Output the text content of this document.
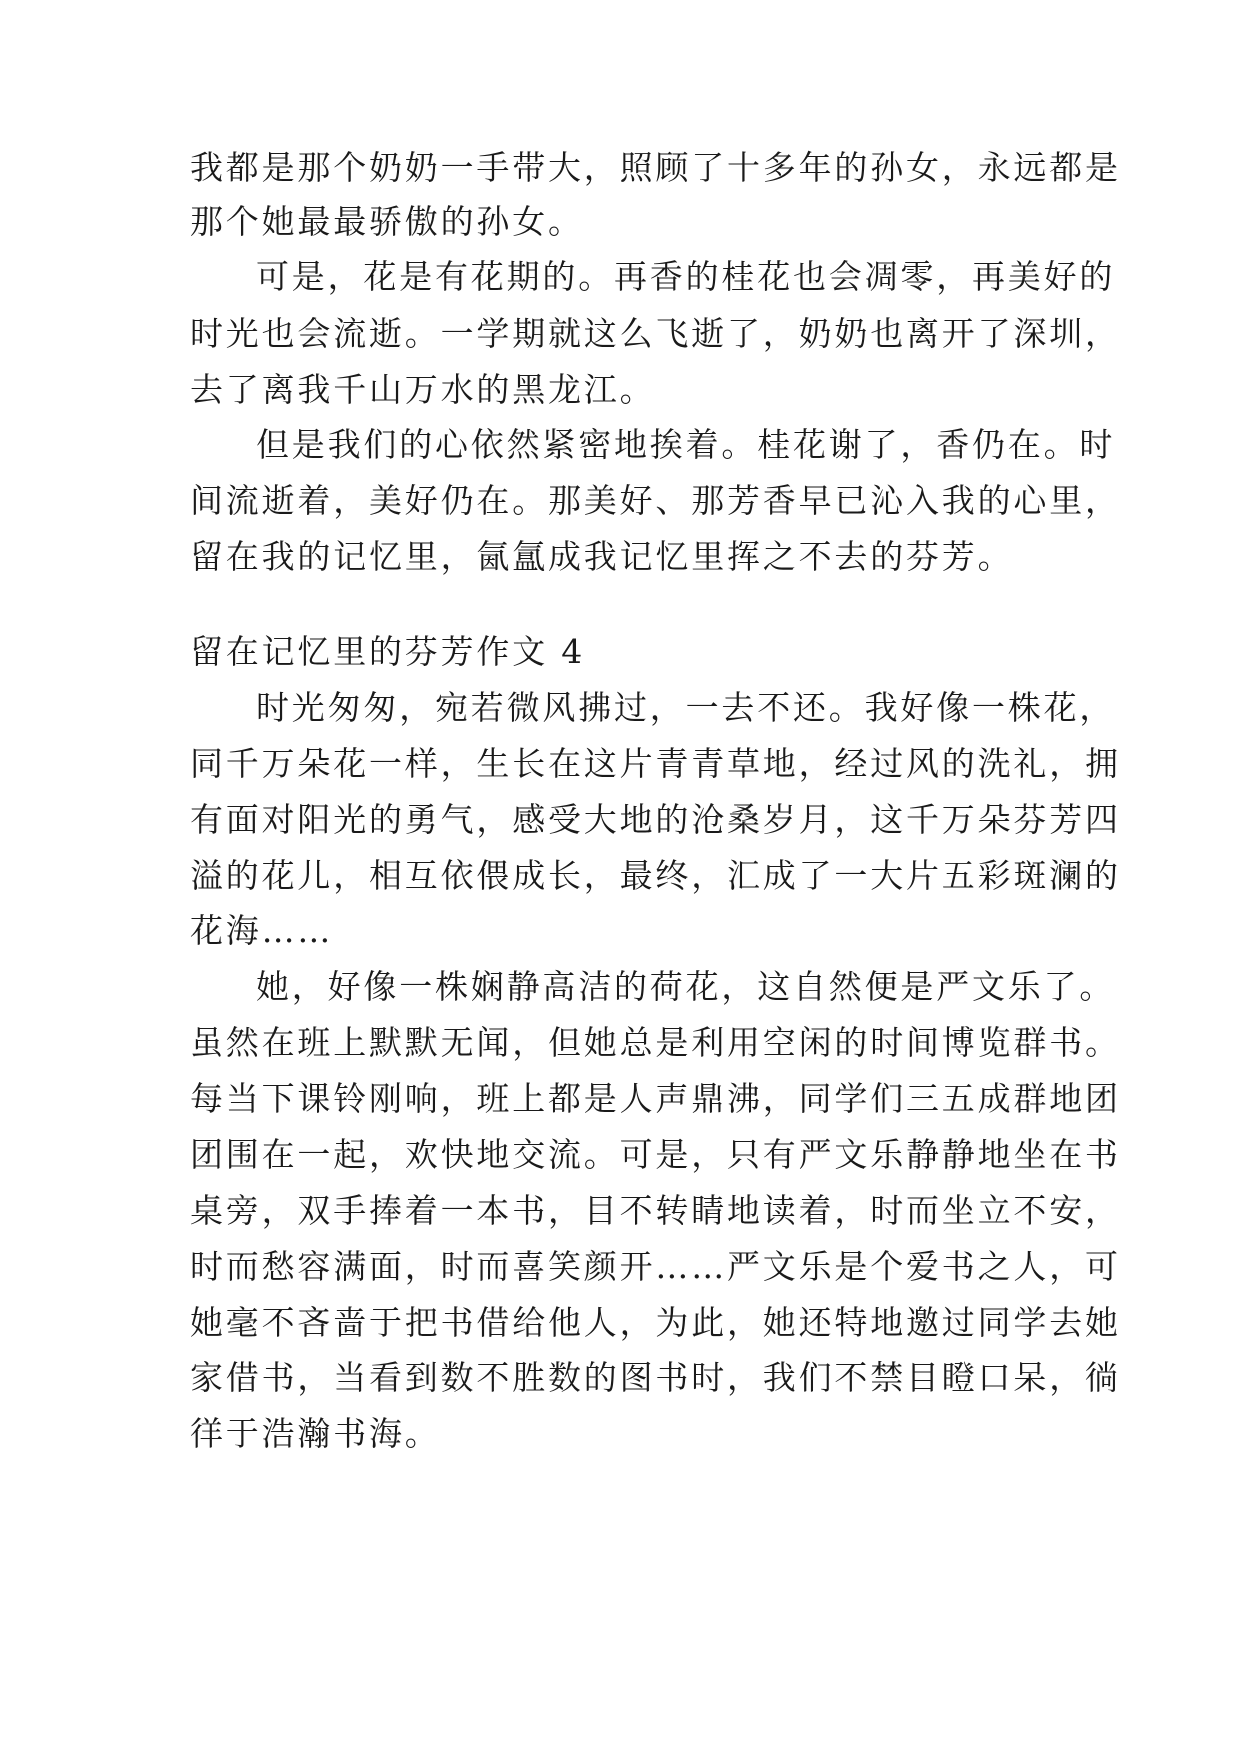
我都是那个奶奶一手带大，照顾了十多年的孙女，永远都是
那个她最最骄傲的孙女。
可是，花是有花期的。再香的桂花也会凋零，再美好的
时光也会流逝。一学期就这么飞逝了，奶奶也离开了深圳，
去了离我千山万水的黑龙江。
但是我们的心依然紧密地挨着。桂花谢了，香仍在。时
间流逝着，美好仍在。那美好、那芳香早已沁入我的心里，
留在我的记忆里，氤氲成我记忆里挥之不去的芬芳。
留在记忆里的芬芳作文 4
时光匆匆，宛若微风拂过，一去不还。我好像一株花，
同千万朵花一样，生长在这片青青草地，经过风的洗礼，拥
有面对阳光的勇气，感受大地的沧桑岁月，这千万朵芬芳四
溢的花儿，相互依偎成长，最终，汇成了一大片五彩斑澜的
花海……
她，好像一株娴静高洁的荷花，这自然便是严文乐了。
虽然在班上默默无闻，但她总是利用空闲的时间博览群书。
每当下课铃刚响，班上都是人声鼎沸，同学们三五成群地团
团围在一起，欢快地交流。可是，只有严文乐静静地坐在书
桌旁，双手捧着一本书，目不转睛地读着，时而坐立不安，
时而愁容满面，时而喜笑颜开……严文乐是个爱书之人，可
她毫不吝啬于把书借给他人，为此，她还特地邀过同学去她
家借书，当看到数不胜数的图书时，我们不禁目瞪口呆，徜
徉于浩瀚书海。
